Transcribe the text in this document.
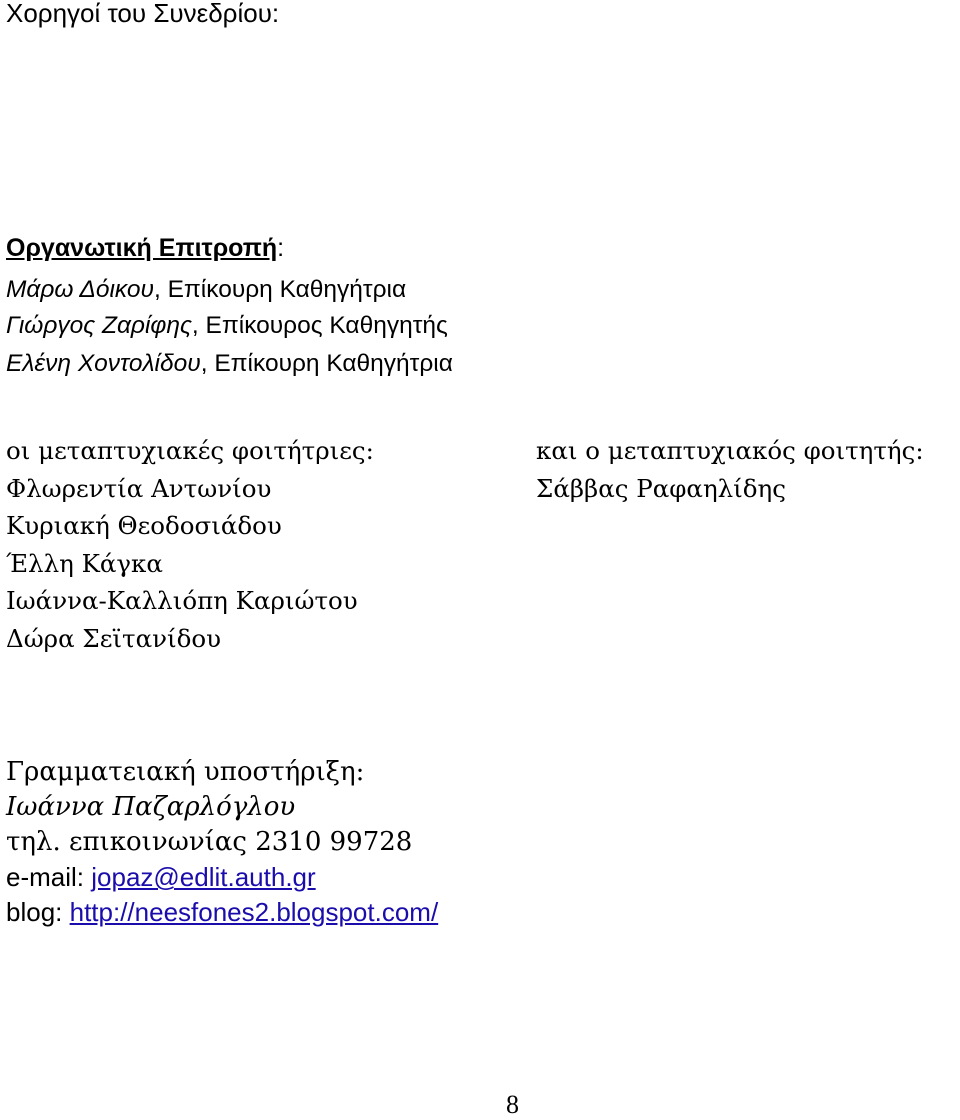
Χορηγοί του Συνεδρίου:
Οργανωτική Επιτροπή:
Μάρω Δόικου, Επίκουρη Καθηγήτρια
Γιώργος Ζαρίφης, Επίκουρος Καθηγητής
Ελένη Χοντολίδου, Επίκουρη Καθηγήτρια
οι μεταπτυχιακές φοιτήτριες:
Φλωρεντία Αντωνίου
Κυριακή Θεοδοσιάδου
Έλλη Κάγκα
Ιωάννα-Καλλιόπη Καριώτου
Δώρα Σεϊτανίδου
και ο μεταπτυχιακός φοιτητής:
Σάββας Ραφαηλίδης
Γραμματειακή υποστήριξη:
Ιωάννα Παζαρλόγλου
τηλ. επικοινωνίας 2310 99728
e-mail: jopaz@edlit.auth.gr
blog: http://neesfones2.blogspot.com/
8
